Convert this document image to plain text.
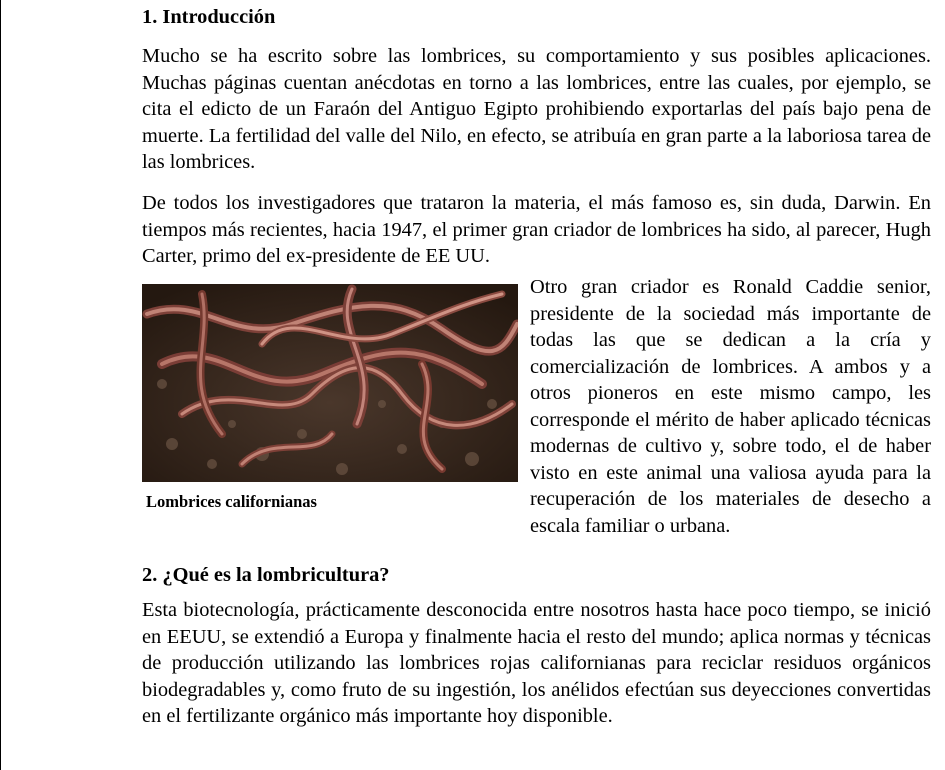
1. Introducción

Mucho se ha escrito sobre las lombrices, su comportamiento y sus posibles aplicaciones. Muchas páginas cuentan anécdotas en torno a las lombrices, entre las cuales, por ejemplo, se cita el edicto de un Faraón del Antiguo Egipto prohibiendo exportarlas del país bajo pena de muerte. La fertilidad del valle del Nilo, en efecto, se atribuía en gran parte a la laboriosa tarea de las lombrices.

De todos los investigadores que trataron la materia, el más famoso es, sin duda, Darwin. En tiempos más recientes, hacia 1947, el primer gran criador de lombrices ha sido, al parecer, Hugh Carter, primo del ex-presidente de EE UU.

Lombrices californianas

Otro gran criador es Ronald Caddie senior, presidente de la sociedad más importante de todas las que se dedican a la cría y comercialización de lombrices. A ambos y a otros pioneros en este mismo campo, les corresponde el mérito de haber aplicado técnicas modernas de cultivo y, sobre todo, el de haber visto en este animal una valiosa ayuda para la recuperación de los materiales de desecho a escala familiar o urbana.

2. ¿Qué es la lombricultura?

Esta biotecnología, prácticamente desconocida entre nosotros hasta hace poco tiempo, se inició en EEUU, se extendió a Europa y finalmente hacia el resto del mundo; aplica normas y técnicas de producción utilizando las lombrices rojas californianas para reciclar residuos orgánicos biodegradables y, como fruto de su ingestión, los anélidos efectúan sus deyecciones convertidas en el fertilizante orgánico más importante hoy disponible.
